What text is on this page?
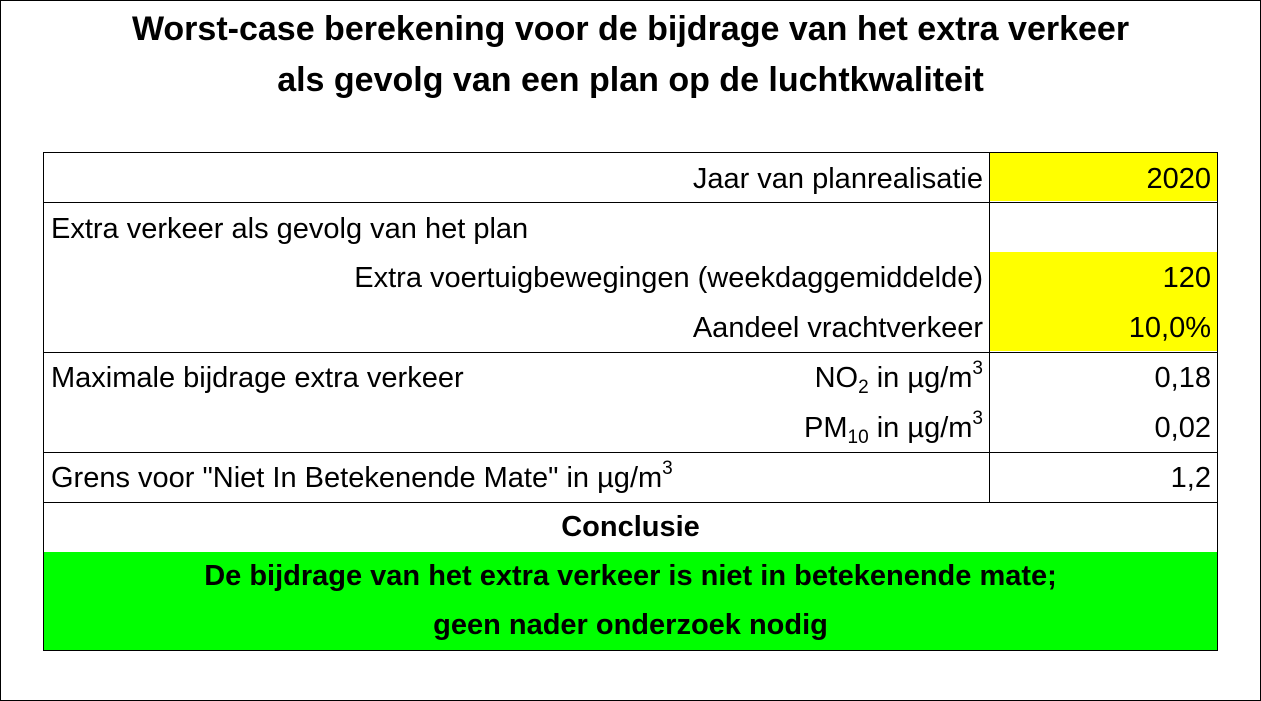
Worst-case berekening voor de bijdrage van het extra verkeer
als gevolg van een plan op de luchtkwaliteit
Jaar van planrealisatie	2020
Extra verkeer als gevolg van het plan
Extra voertuigbewegingen (weekdaggemiddelde)	120
Aandeel vrachtverkeer	10,0%
Maximale bijdrage extra verkeer	$NO_2$ in $\mu g/m^3$	0,18
$PM_{10}$ in $\mu g/m^3$	0,02
Grens voor "Niet In Betekenende Mate" in $\mu g/m^3$	1,2
Conclusie
De bijdrage van het extra verkeer is niet in betekenende mate;
geen nader onderzoek nodig
